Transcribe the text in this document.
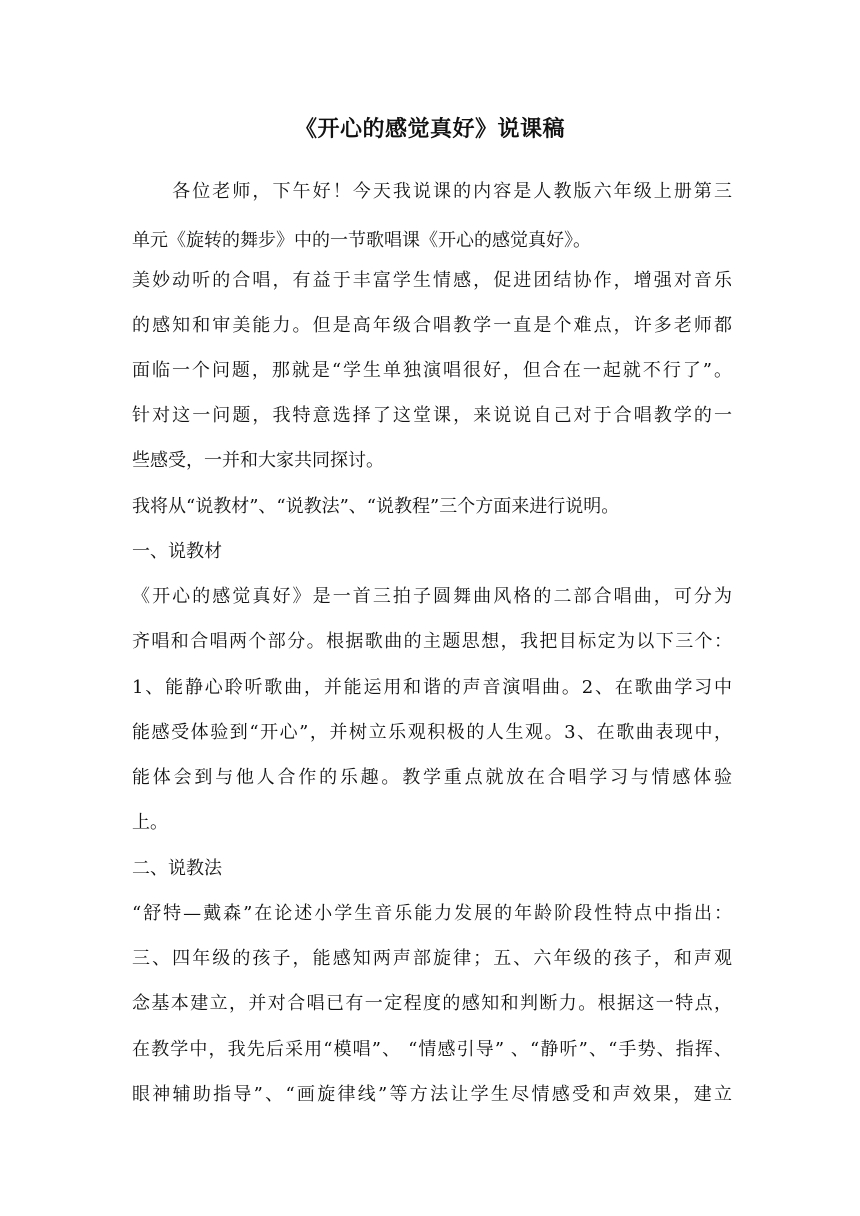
《开心的感觉真好》说课稿
　　各位老师，下午好！今天我说课的内容是人教版六年级上册第三
单元《旋转的舞步》中的一节歌唱课《开心的感觉真好》。
美妙动听的合唱，有益于丰富学生情感，促进团结协作，增强对音乐
的感知和审美能力。但是高年级合唱教学一直是个难点，许多老师都
面临一个问题，那就是“学生单独演唱很好，但合在一起就不行了”。
针对这一问题，我特意选择了这堂课，来说说自己对于合唱教学的一
些感受，一并和大家共同探讨。
我将从“说教材”、“说教法”、“说教程”三个方面来进行说明。
一、说教材
《开心的感觉真好》是一首三拍子圆舞曲风格的二部合唱曲，可分为
齐唱和合唱两个部分。根据歌曲的主题思想，我把目标定为以下三个：
1、能静心聆听歌曲，并能运用和谐的声音演唱曲。2、在歌曲学习中
能感受体验到“开心”，并树立乐观积极的人生观。3、在歌曲表现中，
能体会到与他人合作的乐趣。教学重点就放在合唱学习与情感体验
上。
二、说教法
“舒特—戴森”在论述小学生音乐能力发展的年龄阶段性特点中指出：
三、四年级的孩子，能感知两声部旋律；五、六年级的孩子，和声观
念基本建立，并对合唱已有一定程度的感知和判断力。根据这一特点，
在教学中，我先后采用“模唱”、 “情感引导” 、“静听”、“手势、指挥、
眼神辅助指导”、“画旋律线”等方法让学生尽情感受和声效果，建立
